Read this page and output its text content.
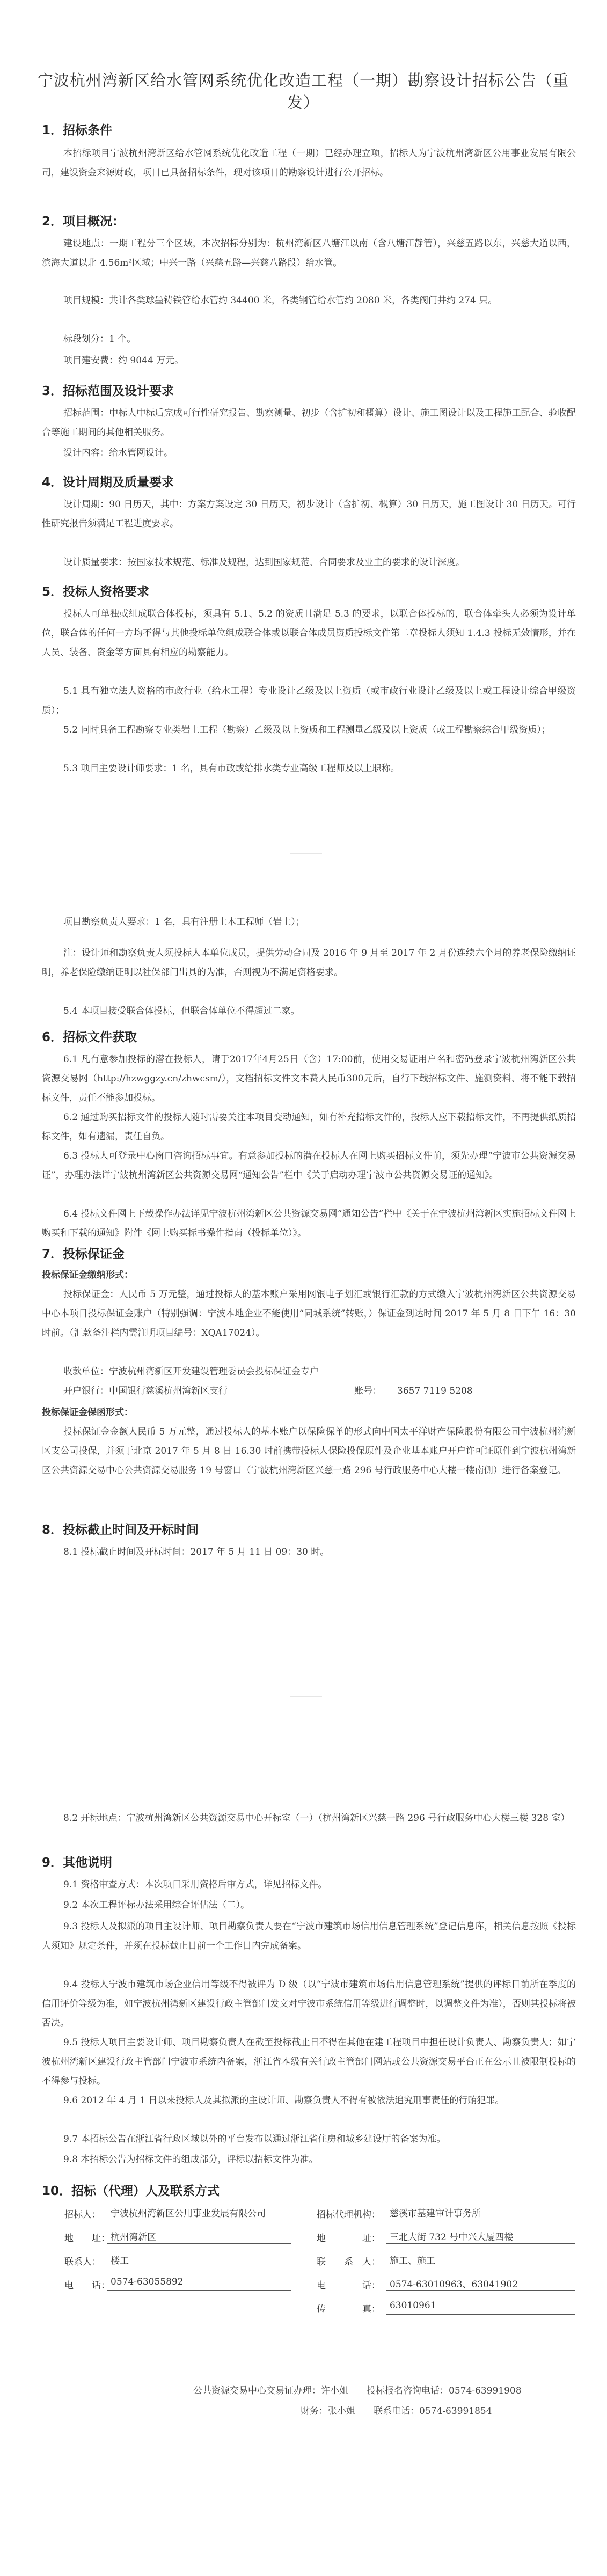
宁波杭州湾新区给水管网系统优化改造工程（一期）勘察设计招标公告（重发）
1．招标条件
本招标项目宁波杭州湾新区给水管网系统优化改造工程（一期）已经办理立项，招标人为宁波杭州湾新区公用事业发展有限公司，建设资金来源财政，项目已具备招标条件，现对该项目的勘察设计进行公开招标。
2．项目概况：
建设地点：一期工程分三个区域，本次招标分别为：杭州湾新区八塘江以南（含八塘江静管），兴慈五路以东，兴慈大道以西，滨海大道以北 4.56m²区域；中兴一路（兴慈五路—兴慈八路段）给水管。
项目规模：共计各类球墨铸铁管给水管约 34400 米，各类钢管给水管约 2080 米，各类阀门井约 274 只。
标段划分：1 个。
项目建安费：约 9044 万元。
3．招标范围及设计要求
招标范围：中标人中标后完成可行性研究报告、勘察测量、初步（含扩初和概算）设计、施工图设计以及工程施工配合、验收配合等施工期间的其他相关服务。
设计内容：给水管网设计。
4．设计周期及质量要求
设计周期：90 日历天，其中：方案方案设定 30 日历天，初步设计（含扩初、概算）30 日历天，施工图设计 30 日历天。可行性研究报告须满足工程进度要求。
设计质量要求：按国家技术规范、标准及规程，达到国家规范、合同要求及业主的要求的设计深度。
5．投标人资格要求
投标人可单独或组成联合体投标，须具有 5.1、5.2 的资质且满足 5.3 的要求，以联合体投标的，联合体牵头人必须为设计单位，联合体的任何一方均不得与其他投标单位组成联合体或以联合体成员资质投标文件第二章投标人须知 1.4.3 投标无效情形，并在人员、装备、资金等方面具有相应的勘察能力。
5.1 具有独立法人资格的市政行业（给水工程）专业设计乙级及以上资质（或市政行业设计乙级及以上或工程设计综合甲级资质）；
5.2 同时具备工程勘察专业类岩土工程（勘察）乙级及以上资质和工程测量乙级及以上资质（或工程勘察综合甲级资质）；
5.3 项目主要设计师要求：1 名，具有市政或给排水类专业高级工程师及以上职称。
项目勘察负责人要求：1 名，具有注册土木工程师（岩土）；
注：设计师和勘察负责人须投标人本单位成员，提供劳动合同及 2016 年 9 月至 2017 年 2 月份连续六个月的养老保险缴纳证明，养老保险缴纳证明以社保部门出具的为准，否则视为不满足资格要求。
5.4 本项目接受联合体投标，但联合体单位不得超过二家。
6．招标文件获取
6.1 凡有意参加投标的潜在投标人，请于2017年4月25日（含）17:00前，使用交易证用户名和密码登录宁波杭州湾新区公共资源交易网（http://hzwggzy.cn/zhwcsm/），文档招标文件文本费人民币300元后，自行下载招标文件、施测资料、将不能下载招标文件，责任不能参加投标。
6.2 通过购买招标文件的投标人随时需要关注本项目变动通知，如有补充招标文件的，投标人应下载招标文件，不再提供纸质招标文件，如有遗漏，责任自负。
6.3 投标人可登录中心窗口咨询招标事宜。有意参加投标的潜在投标人在网上购买招标文件前，须先办理“宁波市公共资源交易证”，办理办法详宁波杭州湾新区公共资源交易网“通知公告”栏中《关于启动办理宁波市公共资源交易证的通知》。
6.4 投标文件网上下载操作办法详见宁波杭州湾新区公共资源交易网“通知公告”栏中《关于在宁波杭州湾新区实施招标文件网上购买和下载的通知》附件《网上购买标书操作指南（投标单位）》。
7．投标保证金
投标保证金缴纳形式：
投标保证金：人民币 5 万元整，通过投标人的基本账户采用网银电子划汇或银行汇款的方式缴入宁波杭州湾新区公共资源交易中心本项目投标保证金账户（特别强调：宁波本地企业不能使用“同城系统”转账，）保证金到达时间 2017 年 5 月 8 日下午 16：30 时前。（汇款备注栏内需注明项目编号：XQA17024）。
收款单位：宁波杭州湾新区开发建设管理委员会投标保证金专户
开户银行：中国银行慈溪杭州湾新区支行	账号：	3657 7119 5208
投标保证金保函形式：
投标保证金金额人民币 5 万元整，通过投标人的基本账户以保险保单的形式向中国太平洋财产保险股份有限公司宁波杭州湾新区支公司投保，并须于北京 2017 年 5 月 8 日 16.30 时前携带投标人保险投保原件及企业基本账户开户许可证原件到宁波杭州湾新区公共资源交易中心公共资源交易服务 19 号窗口（宁波杭州湾新区兴慈一路 296 号行政服务中心大楼一楼南侧）进行备案登记。
8．投标截止时间及开标时间
8.1 投标截止时间及开标时间：2017 年 5 月 11 日 09：30 时。
8.2 开标地点：宁波杭州湾新区公共资源交易中心开标室（一）（杭州湾新区兴慈一路 296 号行政服务中心大楼三楼 328 室）
9．其他说明
9.1 资格审查方式：本次项目采用资格后审方式，详见招标文件。
9.2 本次工程评标办法采用综合评估法（二）。
9.3 投标人及拟派的项目主设计师、项目勘察负责人要在“宁波市建筑市场信用信息管理系统”登记信息库，相关信息按照《投标人须知》规定条件，并须在投标截止日前一个工作日内完成备案。
9.4 投标人宁波市建筑市场企业信用等级不得被评为 D 级（以“宁波市建筑市场信用信息管理系统”提供的评标日前所在季度的信用评价等级为准，如宁波杭州湾新区建设行政主管部门发文对宁波市系统信用等级进行调整时，以调整文件为准），否则其投标将被否决。
9.5 投标人项目主要设计师、项目勘察负责人在截至投标截止日不得在其他在建工程项目中担任设计负责人、勘察负责人；如宁波杭州湾新区建设行政主管部门宁波市系统内备案，浙江省本级有关行政主管部门网站或公共资源交易平台正在公示且被限制投标的不得参与投标。
9.6 2012 年 4 月 1 日以来投标人及其拟派的主设计师、勘察负责人不得有被依法追究刑事责任的行贿犯罪。
9.7 本招标公告在浙江省行政区域以外的平台发布以通过浙江省住房和城乡建设厅的备案为准。
9.8 本招标公告为招标文件的组成部分，评标以招标文件为准。
10．招标（代理）人及联系方式
招标人：	宁波杭州湾新区公用事业发展有限公司	招标代理机构：	慈溪市基建审计事务所
地　　址： 杭州湾新区	地　　　　址：	三北大街 732 号中兴大厦四楼
联系人：	楼工	联　　系　人：	施工、施工
电　　话： 0574-63055892	电　　　　话：	0574-63010963、63041902
传　　　　真：	63010961
公共资源交易中心交易证办理：许小姐　　投标报名咨询电话：0574-63991908
财务：张小姐　　联系电话：0574-63991854
